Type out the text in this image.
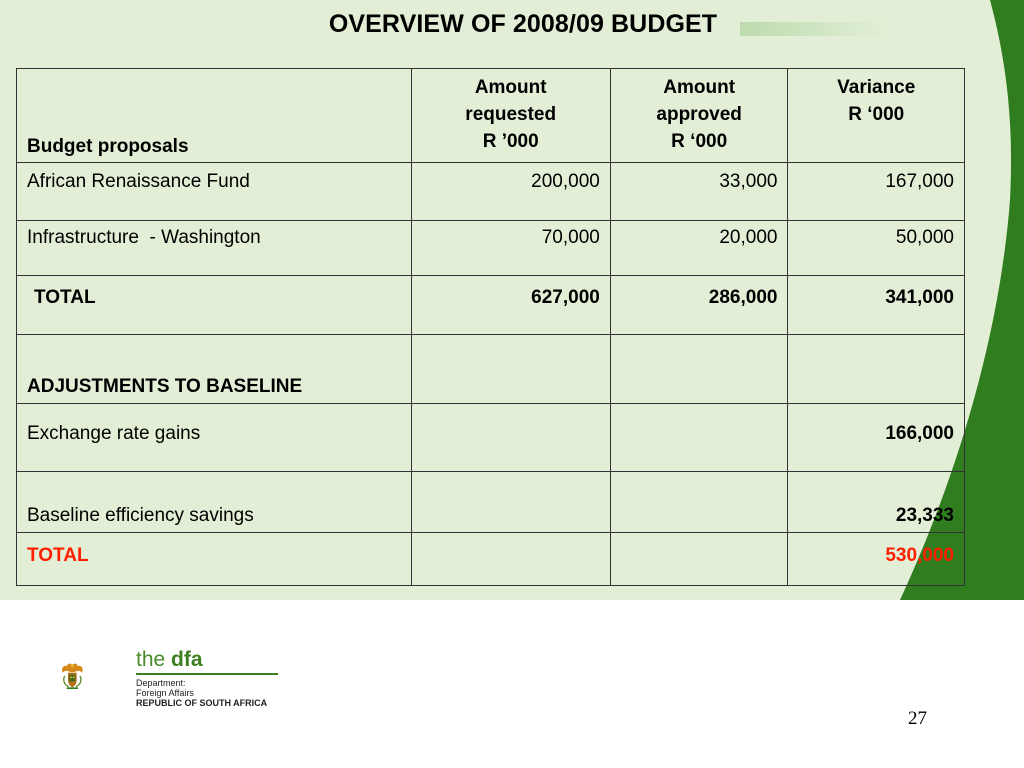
OVERVIEW OF 2008/09 BUDGET
Budget proposals	Amount
requested
R ’000	Amount
approved
R ‘000	Variance
R ‘000

African Renaissance Fund	200,000	33,000	167,000
Infrastructure  - Washington	70,000	20,000	50,000
TOTAL	627,000	286,000	341,000
ADJUSTMENTS TO BASELINE			
Exchange rate gains			166,000
Baseline efficiency savings			23,333
TOTAL			530,000
the dfa
Department:
Foreign Affairs
REPUBLIC OF SOUTH AFRICA
27
